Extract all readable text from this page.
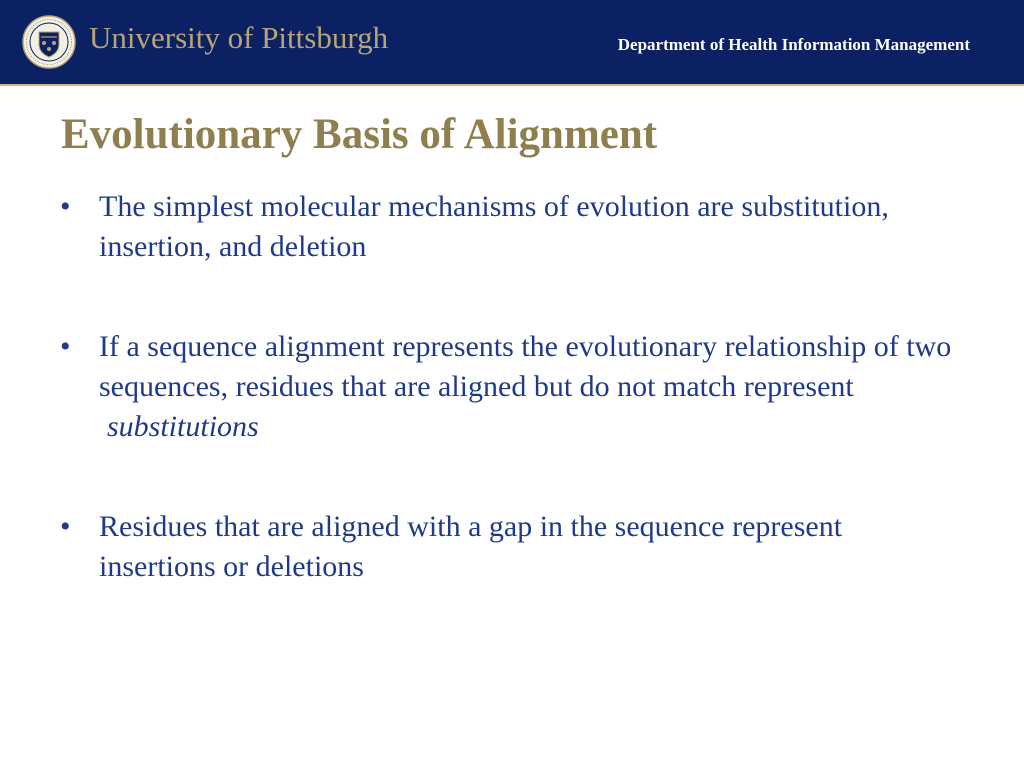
University of Pittsburgh	Department of Health Information Management
Evolutionary Basis of Alignment
• The simplest molecular mechanisms of evolution are substitution, insertion, and deletion
• If a sequence alignment represents the evolutionary relationship of two sequences, residues that are aligned but do not match represent substitutions
• Residues that are aligned with a gap in the sequence represent insertions or deletions
